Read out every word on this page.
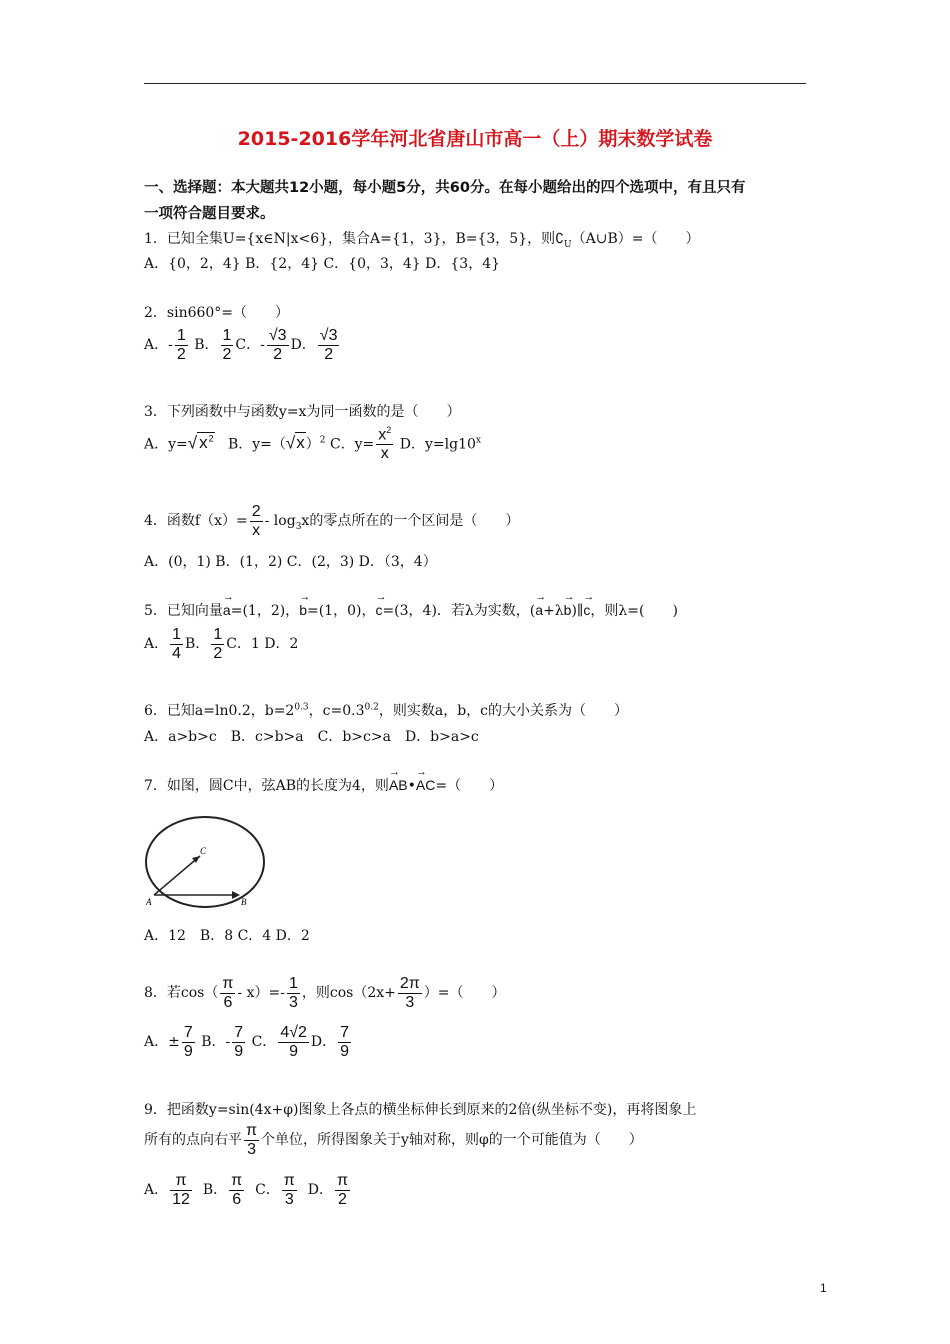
2015-2016学年河北省唐山市高一（上）期末数学试卷
一、选择题：本大题共12小题，每小题5分，共60分。在每小题给出的四个选项中，有且只有
一项符合题目要求。
1．已知全集U={x∈N|x<6}，集合A={1，3}，B={3，5}，则$∁_U(A\cup B)=$（　　）
A．{0，2，4} B．{2，4} C．{0，3，4} D．{3，4}
2．sin660°=（　　）
A．- $\frac{1}{2}$ B． $\frac{1}{2}$ C．- $\frac{√3}{2}$ D． $\frac{√3}{2}$
3．下列函数中与函数y=x为同一函数的是（　　）
A．y=√ $x^2$ B．$y=(√x)^2$ C．$y= \frac{x^2}{x}$ D．$y=\lg 10^x$
4．函数$f(x)= \frac{2}{x} - \log_3x$的零点所在的一个区间是（　　）
A．(0，1) B．(1，2) C．(2，3) D．（3，4）
5．已知向量→ a=(1，2)，→ b=(1，0)，→ c=(3，4)．若λ为实数，(→ a+λ→ b)∥→ c，则λ=(　　)
A． $\frac{1}{4}$ B． $\frac{1}{2}$ C．1 D．2
6．已知a=ln0.2，$b=2^{0.3}$，$c=0.3^{0.2}$，则实数a，b，c的大小关系为（　　）
A．a>b>c　B．c>b>a　C．b>c>a　D．b>a>c
7．如图，圆C中，弦AB的长度为4，则→ AB•→ AC=（　　）
C
A	B
A．12　B．8 C．4 D．2
8．若$\cos( \frac{\pi}{6} - x)=- \frac{1}{3}$ ，则$\cos(2x+ \frac{2\pi}{3}$ ）=（　　）
A．± $\frac{7}{9}$ B．- $\frac{7}{9}$ C． $\frac{4√2}{9}$ D． $\frac{7}{9}$
9．把函数y=sin(4x+φ)图象上各点的横坐标伸长到原来的2倍(纵坐标不变)，再将图象上
所有的点向右平 $\frac{\pi}{3}$ 个单位，所得图象关于y轴对称，则φ的一个可能值为（　　）
A． $\frac{\pi}{12}$ B． $\frac{\pi}{6}$ C． $\frac{\pi}{3}$ D． $\frac{\pi}{2}$
1
